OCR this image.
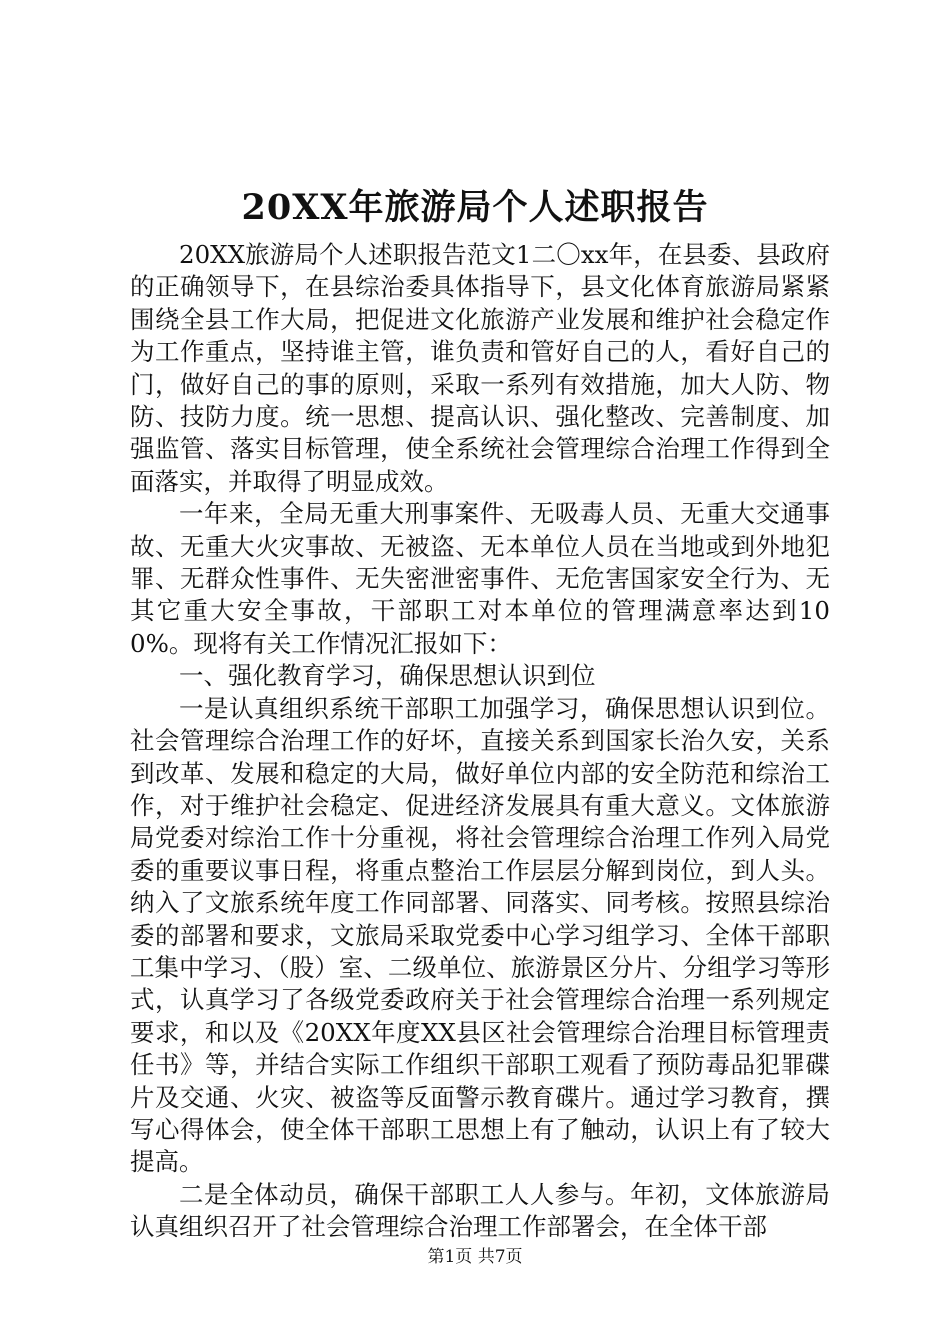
20XX年旅游局个人述职报告

20XX旅游局个人述职报告范文1二〇xx年，在县委、县政府的正确领导下，在县综治委具体指导下，县文化体育旅游局紧紧围绕全县工作大局，把促进文化旅游产业发展和维护社会稳定作为工作重点，坚持谁主管，谁负责和管好自己的人，看好自己的门，做好自己的事的原则，采取一系列有效措施，加大人防、物防、技防力度。统一思想、提高认识、强化整改、完善制度、加强监管、落实目标管理，使全系统社会管理综合治理工作得到全面落实，并取得了明显成效。

一年来，全局无重大刑事案件、无吸毒人员、无重大交通事故、无重大火灾事故、无被盗、无本单位人员在当地或到外地犯罪、无群众性事件、无失密泄密事件、无危害国家安全行为、无其它重大安全事故，干部职工对本单位的管理满意率达到100%。现将有关工作情况汇报如下：

一、强化教育学习，确保思想认识到位

一是认真组织系统干部职工加强学习，确保思想认识到位。社会管理综合治理工作的好坏，直接关系到国家长治久安，关系到改革、发展和稳定的大局，做好单位内部的安全防范和综治工作，对于维护社会稳定、促进经济发展具有重大意义。文体旅游局党委对综治工作十分重视，将社会管理综合治理工作列入局党委的重要议事日程，将重点整治工作层层分解到岗位，到人头。纳入了文旅系统年度工作同部署、同落实、同考核。按照县综治委的部署和要求，文旅局采取党委中心学习组学习、全体干部职工集中学习、（股）室、二级单位、旅游景区分片、分组学习等形式，认真学习了各级党委政府关于社会管理综合治理一系列规定要求，和以及《20XX年度XX县区社会管理综合治理目标管理责任书》等，并结合实际工作组织干部职工观看了预防毒品犯罪碟片及交通、火灾、被盗等反面警示教育碟片。通过学习教育，撰写心得体会，使全体干部职工思想上有了触动，认识上有了较大提高。

二是全体动员，确保干部职工人人参与。年初，文体旅游局认真组织召开了社会管理综合治理工作部署会，在全体干部

第1页 共7页
